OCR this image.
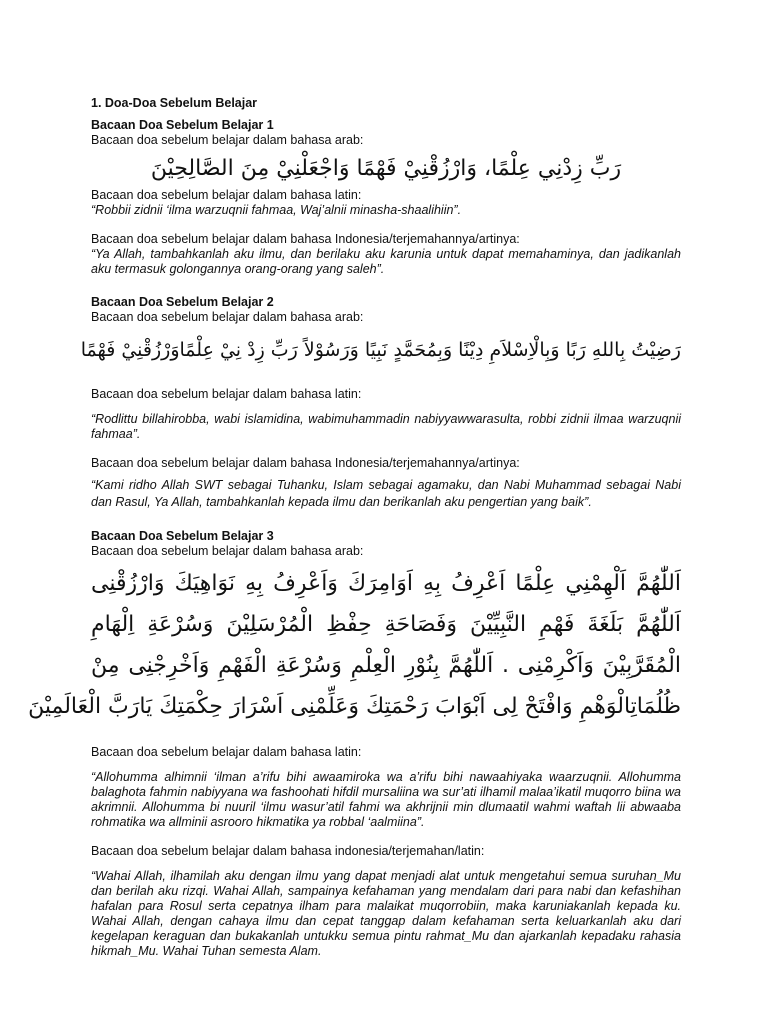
1. Doa-Doa Sebelum Belajar
Bacaan Doa Sebelum Belajar 1
Bacaan doa sebelum belajar dalam bahasa arab:
رَبِّ زِدْنِي عِلْمًا، وَارْزُقْنِيْ فَهْمًا وَاجْعَلْنِيْ مِنَ الصَّالِحِيْنَ
Bacaan doa sebelum belajar dalam bahasa latin:
“Robbii zidnii ‘ilma warzuqnii fahmaa, Waj’alnii minasha-shaalihiin”.
Bacaan doa sebelum belajar dalam bahasa Indonesia/terjemahannya/artinya:
“Ya Allah, tambahkanlah aku ilmu, dan berilaku aku karunia untuk dapat memahaminya, dan jadikanlah aku termasuk golongannya orang-orang yang saleh”.
Bacaan Doa Sebelum Belajar 2
Bacaan doa sebelum belajar dalam bahasa arab:
رَضِيْتُ بِاللهِ رَبًا وَبِالْاِسْلاَمِ دِيْنًا وَبِمُحَمَّدٍ نَبِيًا وَرَسُوْلاً رَبِّ زِدْ نِيْ عِلْمًاوَرْزُقْنِيْ فَهْمًا
Bacaan doa sebelum belajar dalam bahasa latin:
“Rodlittu billahirobba, wabi islamidina, wabimuhammadin nabiyyawwarasulta, robbi zidnii ilmaa warzuqnii fahmaa”.
Bacaan doa sebelum belajar dalam bahasa Indonesia/terjemahannya/artinya:
“Kami ridho Allah SWT sebagai Tuhanku, Islam sebagai agamaku, dan Nabi Muhammad sebagai Nabi dan Rasul, Ya Allah, tambahkanlah kepada ilmu dan berikanlah aku pengertian yang baik”.
Bacaan Doa Sebelum Belajar 3
Bacaan doa sebelum belajar dalam bahasa arab:
اَللّٰهُمَّ اَلْهِمْنِي عِلْمًا اَعْرِفُ بِهِ اَوَامِرَكَ وَاَعْرِفُ بِهِ نَوَاهِيَكَ وَارْزُقْنِى
اَللّٰهُمَّ بَلَغَةَ فَهْمِ النَّبِيِّيْنَ وَفَصَاحَةِ حِفْظِ الْمُرْسَلِيْنَ وَسُرْعَةِ اِلْهَامِ
الْمُقَرَّبِيْنَ وَاَكْرِمْنِى . اَللّٰهُمَّ بِنُوْرِ الْعِلْمِ وَسُرْعَةِ الْفَهْمِ وَاَخْرِجْنِى مِنْ
ظُلُمَاتِالْوَهْمِ وَافْتَحْ لِى اَبْوَابَ رَحْمَتِكَ وَعَلِّمْنِى اَسْرَارَ حِكْمَتِكَ يَارَبَّ الْعَالَمِيْنَ
Bacaan doa sebelum belajar dalam bahasa latin:
“Allohumma alhimnii ‘ilman a’rifu bihi awaamiroka wa a’rifu bihi nawaahiyaka waarzuqnii. Allohumma balaghota fahmin nabiyyana wa fashoohati hifdil mursaliina wa sur’ati ilhamil malaa’ikatil muqorro biina wa akrimnii. Allohumma bi nuuril ‘ilmu wasur’atil fahmi wa akhrijnii min dlumaatil wahmi waftah lii abwaaba rohmatika wa allminii asrooro hikmatika ya robbal ‘aalmiina”.
Bacaan doa sebelum belajar dalam bahasa indonesia/terjemahan/latin:
“Wahai Allah, ilhamilah aku dengan ilmu yang dapat menjadi alat untuk mengetahui semua suruhan_Mu dan berilah aku rizqi. Wahai Allah, sampainya kefahaman yang mendalam dari para nabi dan kefashihan hafalan para Rosul serta cepatnya ilham para malaikat muqorrobiin, maka karuniakanlah kepada ku. Wahai Allah, dengan cahaya ilmu dan cepat tanggap dalam kefahaman serta keluarkanlah aku dari kegelapan keraguan dan bukakanlah untukku semua pintu rahmat_Mu dan ajarkanlah kepadaku rahasia hikmah_Mu. Wahai Tuhan semesta Alam.
